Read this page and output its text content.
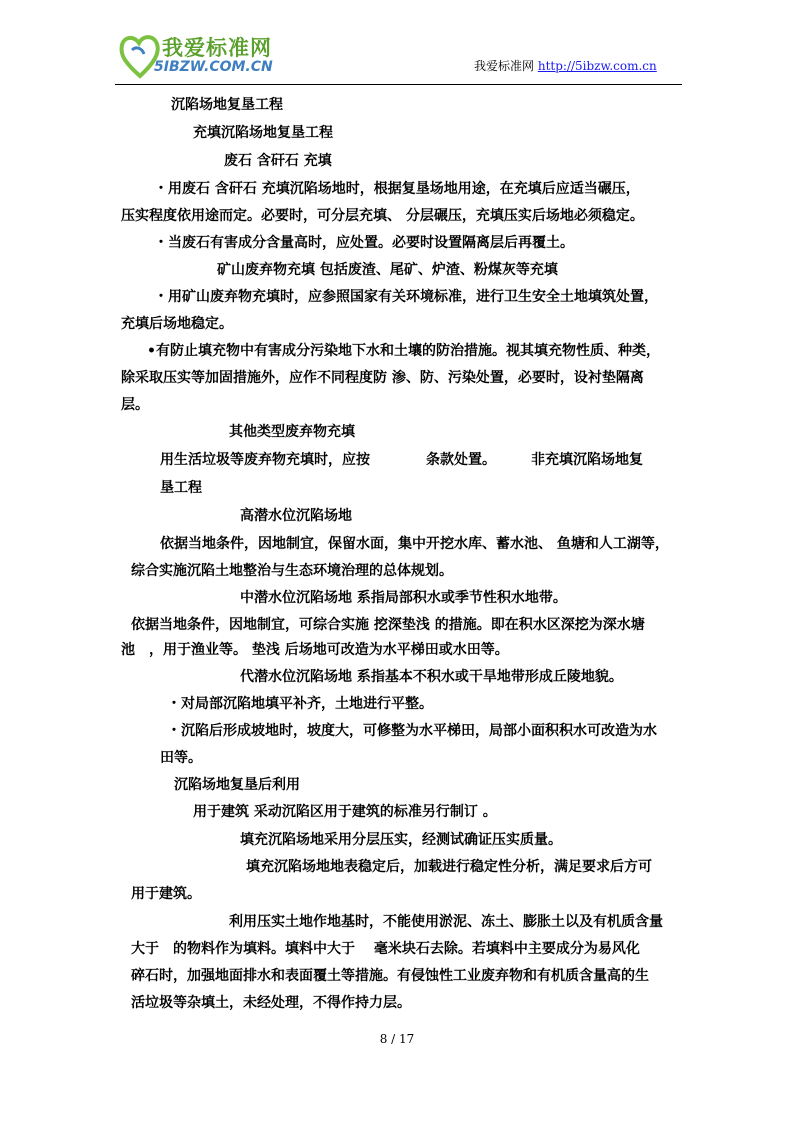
我爱标准网
5IBZW.COM.CN	我爱标准网 http://5ibzw.com.cn
沉陷场地复垦工程
充填沉陷场地复垦工程
废石 含矸石 充填
・用废石 含矸石 充填沉陷场地时，根据复垦场地用途，在充填后应适当碾压，
压实程度依用途而定。必要时，可分层充填、 分层碾压，充填压实后场地必须稳定。
・当废石有害成分含量高时，应处置。必要时设置隔离层后再覆土。
矿山废弃物充填 包括废渣、尾矿、炉渣、粉煤灰等充填
・用矿山废弃物充填时，应参照国家有关环境标准，进行卫生安全土地填筑处置，
充填后场地稳定。
•有防止填充物中有害成分污染地下水和土壤的防治措施。视其填充物性质、种类，
除采取压实等加固措施外，应作不同程度防 渗、防、污染处置，必要时，设衬垫隔离
层。
其他类型废弃物充填
用生活垃圾等废弃物充填时，应按　　　　条款处置。　　　非充填沉陷场地复
垦工程
高潜水位沉陷场地
依据当地条件，因地制宜，保留水面，集中开挖水库、蓄水池、 鱼塘和人工湖等，
综合实施沉陷土地整治与生态环境治理的总体规划。
中潜水位沉陷场地 系指局部积水或季节性积水地带。
依据当地条件，因地制宜，可综合实施 挖深垫浅 的措施。即在积水区深挖为深水塘
池　，用于渔业等。 垫浅 后场地可改造为水平梯田或水田等。
代潜水位沉陷场地 系指基本不积水或干旱地带形成丘陵地貌。
・对局部沉陷地填平补齐，土地进行平整。
・沉陷后形成坡地时，坡度大，可修整为水平梯田，局部小面积积水可改造为水
田等。
沉陷场地复垦后利用
用于建筑 采动沉陷区用于建筑的标准另行制订 。
填充沉陷场地采用分层压实，经测试确证压实质量。
填充沉陷场地地表稳定后，加载进行稳定性分析，满足要求后方可
用于建筑。
利用压实土地作地基时，不能使用淤泥、冻土、膨胀土以及有机质含量
大于　的物料作为填料。填料中大于　 毫米块石去除。若填料中主要成分为易风化
碎石时，加强地面排水和表面覆土等措施。有侵蚀性工业废弃物和有机质含量高的生
活垃圾等杂填土，未经处理，不得作持力层。
8 / 17
